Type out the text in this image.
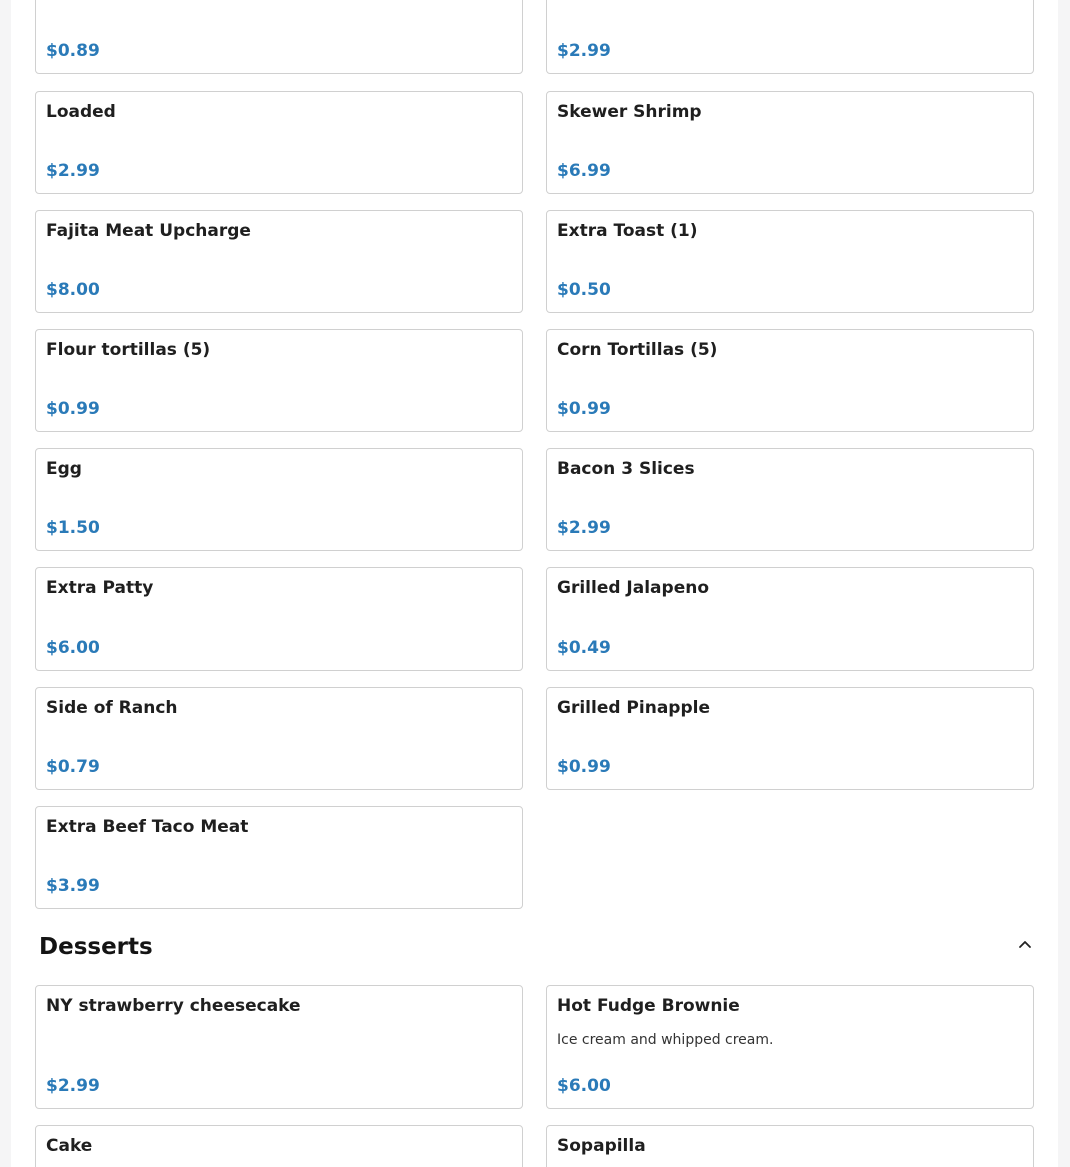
$0.89	$2.99
Loaded
$2.99
Skewer Shrimp
$6.99
Fajita Meat Upcharge
$8.00
Extra Toast (1)
$0.50
Flour tortillas (5)
$0.99
Corn Tortillas (5)
$0.99
Egg
$1.50
Bacon 3 Slices
$2.99
Extra Patty
$6.00
Grilled Jalapeno
$0.49
Side of Ranch
$0.79
Grilled Pinapple
$0.99
Extra Beef Taco Meat
$3.99
Desserts
NY strawberry cheesecake
$2.99
Hot Fudge Brownie
Ice cream and whipped cream.
$6.00
Cake	Sopapilla
